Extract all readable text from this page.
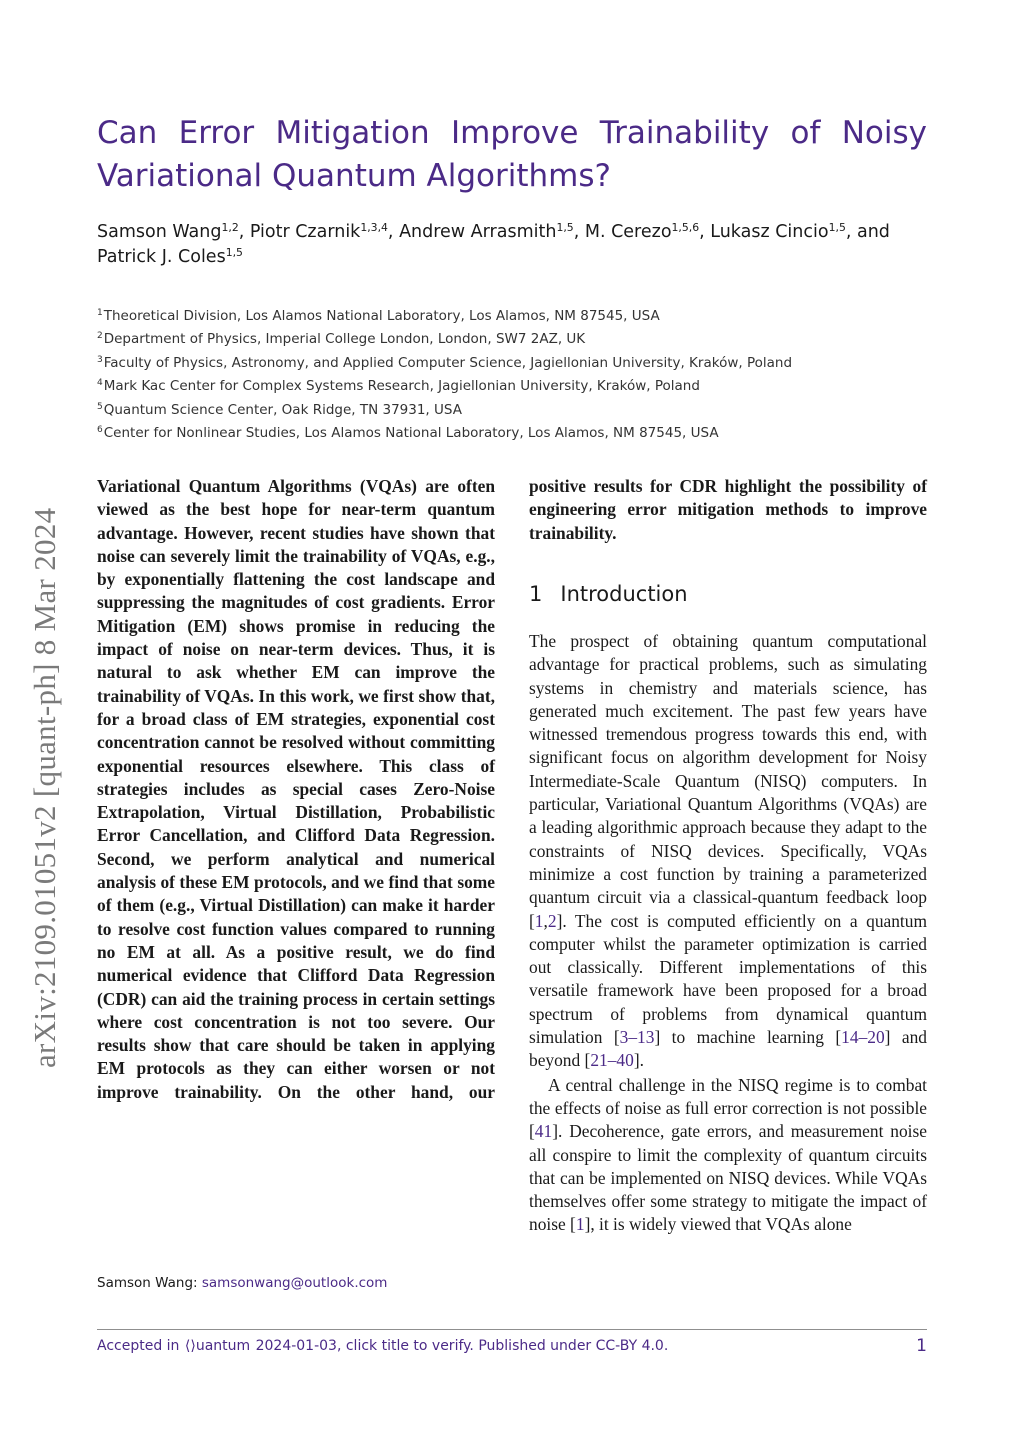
arXiv:2109.01051v2 [quant-ph] 8 Mar 2024
Can Error Mitigation Improve Trainability of Noisy
Variational Quantum Algorithms?
Samson Wang$^{1,2}$, Piotr Czarnik$^{1,3,4}$, Andrew Arrasmith$^{1,5}$, M. Cerezo$^{1,5,6}$, Lukasz Cincio$^{1,5}$, and
Patrick J. Coles$^{1,5}$
$^1$Theoretical Division, Los Alamos National Laboratory, Los Alamos, NM 87545, USA
$^2$Department of Physics, Imperial College London, London, SW7 2AZ, UK
$^3$Faculty of Physics, Astronomy, and Applied Computer Science, Jagiellonian University, Kraków, Poland
$^4$Mark Kac Center for Complex Systems Research, Jagiellonian University, Kraków, Poland
$^5$Quantum Science Center, Oak Ridge, TN 37931, USA
$^6$Center for Nonlinear Studies, Los Alamos National Laboratory, Los Alamos, NM 87545, USA

Variational Quantum Algorithms (VQAs) are often viewed as the best hope for near-term quantum advantage. However, recent studies have shown that noise can severely limit the trainability of VQAs, e.g., by exponentially flattening the cost landscape and suppressing the magnitudes of cost gradients. Error Mitigation (EM) shows promise in reducing the impact of noise on near-term devices. Thus, it is natural to ask whether EM can improve the trainability of VQAs. In this work, we first show that, for a broad class of EM strategies, exponential cost concentration cannot be resolved without committing exponential resources elsewhere. This class of strategies includes as special cases Zero-Noise Extrapolation, Virtual Distillation, Probabilistic Error Cancellation, and Clifford Data Regression. Second, we perform analytical and numerical analysis of these EM protocols, and we find that some of them (e.g., Virtual Distillation) can make it harder to resolve cost function values compared to running no EM at all. As a positive result, we do find numerical evidence that Clifford Data Regression (CDR) can aid the training process in certain settings where cost concentration is not too severe. Our results show that care should be taken in applying EM protocols as they can either worsen or not improve trainability. On the other hand, our

positive results for CDR highlight the possibility of engineering error mitigation methods to improve trainability.

Samson Wang: samsonwang@outlook.com
1 Introduction

The prospect of obtaining quantum computational advantage for practical problems, such as simulating systems in chemistry and materials science, has generated much excitement. The past few years have witnessed tremendous progress towards this end, with significant focus on algorithm development for Noisy Intermediate-Scale Quantum (NISQ) computers. In particular, Variational Quantum Algorithms (VQAs) are a leading algorithmic approach because they adapt to the constraints of NISQ devices. Specifically, VQAs minimize a cost function by training a parameterized quantum circuit via a classical-quantum feedback loop [1,2]. The cost is computed efficiently on a quantum computer whilst the parameter optimization is carried out classically. Different implementations of this versatile framework have been proposed for a broad spectrum of problems from dynamical quantum simulation [3–13] to machine learning [14–20] and beyond [21–40].

A central challenge in the NISQ regime is to combat the effects of noise as full error correction is not possible [41]. Decoherence, gate errors, and measurement noise all conspire to limit the complexity of quantum circuits that can be implemented on NISQ devices. While VQAs themselves offer some strategy to mitigate the impact of noise [1], it is widely viewed that VQAs alone

Accepted in ⟨⟩uantum 2024-01-03, click title to verify. Published under CC-BY 4.0.	1
